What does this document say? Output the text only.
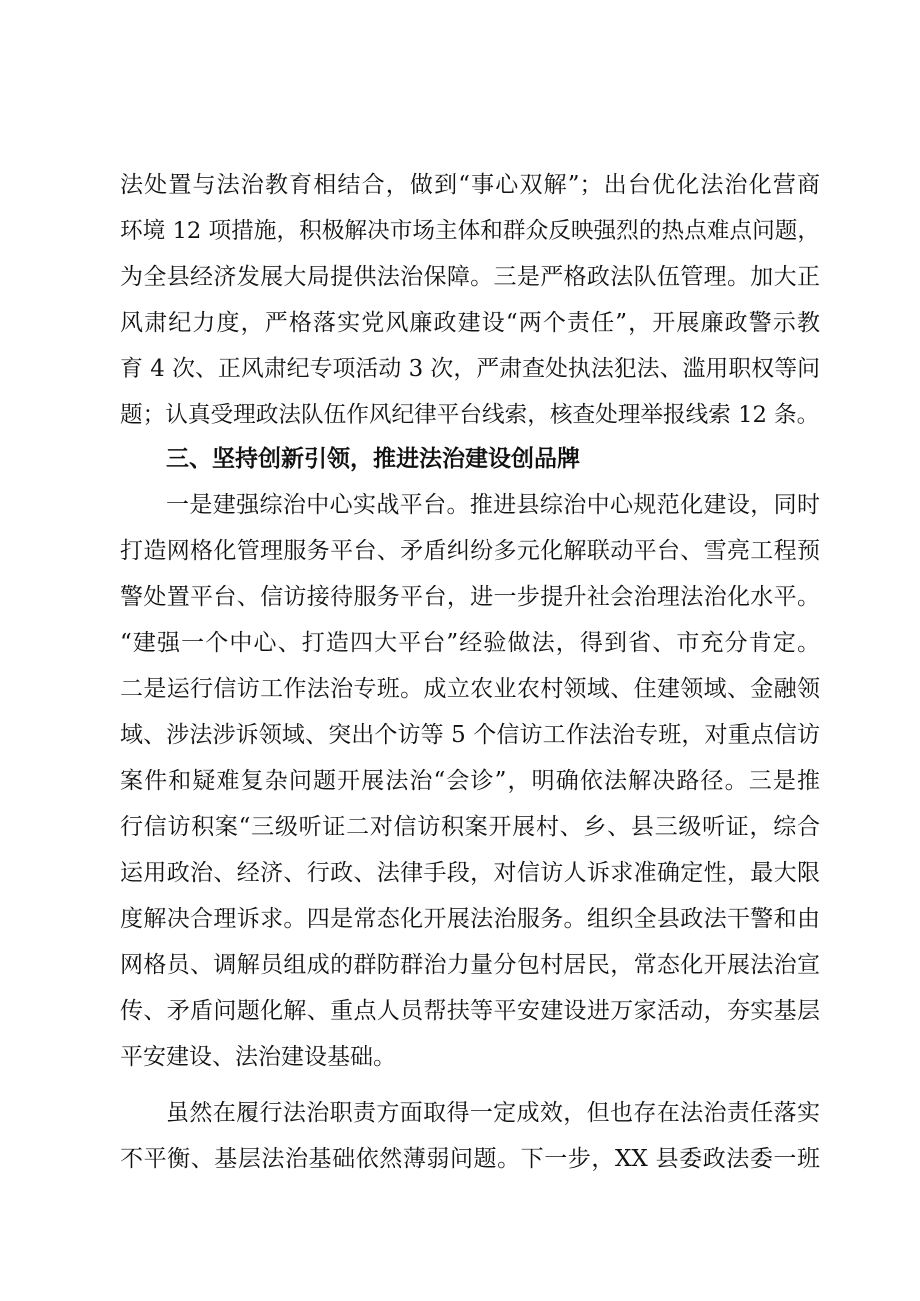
法处置与法治教育相结合，做到“事心双解”；出台优化法治化营商
环境 12 项措施，积极解决市场主体和群众反映强烈的热点难点问题，
为全县经济发展大局提供法治保障。三是严格政法队伍管理。加大正
风肃纪力度，严格落实党风廉政建设“两个责任”，开展廉政警示教
育 4 次、正风肃纪专项活动 3 次，严肃查处执法犯法、滥用职权等问
题；认真受理政法队伍作风纪律平台线索，核查处理举报线索 12 条。
三、坚持创新引领，推进法治建设创品牌
一是建强综治中心实战平台。推进县综治中心规范化建设，同时
打造网格化管理服务平台、矛盾纠纷多元化解联动平台、雪亮工程预
警处置平台、信访接待服务平台，进一步提升社会治理法治化水平。
“建强一个中心、打造四大平台”经验做法，得到省、市充分肯定。
二是运行信访工作法治专班。成立农业农村领域、住建领域、金融领
域、涉法涉诉领域、突出个访等 5 个信访工作法治专班，对重点信访
案件和疑难复杂问题开展法治“会诊”，明确依法解决路径。三是推
行信访积案“三级听证二对信访积案开展村、乡、县三级听证，综合
运用政治、经济、行政、法律手段，对信访人诉求准确定性，最大限
度解决合理诉求。四是常态化开展法治服务。组织全县政法干警和由
网格员、调解员组成的群防群治力量分包村居民，常态化开展法治宣
传、矛盾问题化解、重点人员帮扶等平安建设进万家活动，夯实基层
平安建设、法治建设基础。
虽然在履行法治职责方面取得一定成效，但也存在法治责任落实
不平衡、基层法治基础依然薄弱问题。下一步，XX 县委政法委一班
